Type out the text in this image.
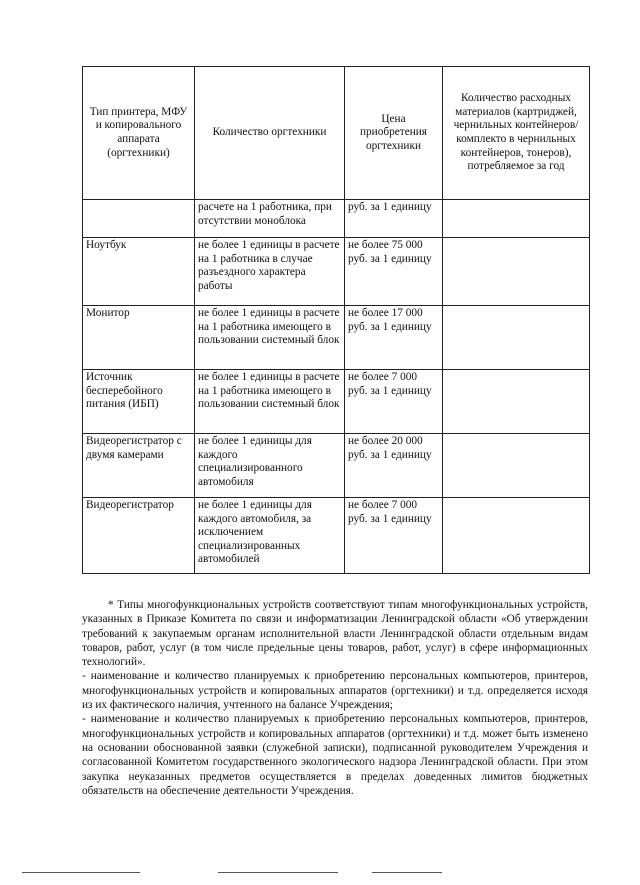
Тип принтера, МФУ и копировального аппарата (оргтехники)	Количество оргтехники	Цена приобретения оргтехники	Количество расходных материалов (картриджей, чернильных контейнеров/комплекто в чернильных контейнеров, тонеров), потребляемое за год
	расчете на 1 работника, при отсутствии моноблока	руб. за 1 единицу	
Ноутбук	не более 1 единицы в расчете на 1 работника в случае разъездного характера работы	не более 75 000 руб. за 1 единицу	
Монитор	не более 1 единицы в расчете на 1 работника имеющего в пользовании системный блок	не более 17 000 руб. за 1 единицу	
Источник бесперебойного питания (ИБП)	не более 1 единицы в расчете на 1 работника имеющего в пользовании системный блок	не более 7 000 руб. за 1 единицу	
Видеорегистратор с двумя камерами	не более 1 единицы для каждого специализированного автомобиля	не более 20 000 руб. за 1 единицу	
Видеорегистратор	не более 1 единицы для каждого автомобиля, за исключением специализированных автомобилей	не более 7 000 руб. за 1 единицу	

* Типы многофункциональных устройств соответствуют типам многофункциональных устройств, указанных в Приказе Комитета по связи и информатизации Ленинградской области «Об утверждении требований к закупаемым органам исполнительной власти Ленинградской области отдельным видам товаров, работ, услуг (в том числе предельные цены товаров, работ, услуг) в сфере информационных технологий».

- наименование и количество планируемых к приобретению персональных компьютеров, принтеров, многофункциональных устройств и копировальных аппаратов (оргтехники) и т.д. определяется исходя из их фактического наличия, учтенного на балансе Учреждения;

- наименование и количество планируемых к приобретению персональных компьютеров, принтеров, многофункциональных устройств и копировальных аппаратов (оргтехники) и т.д. может быть изменено на основании обоснованной заявки (служебной записки), подписанной руководителем Учреждения и согласованной Комитетом государственного экологического надзора Ленинградской области. При этом закупка неуказанных предметов осуществляется в пределах доведенных лимитов бюджетных обязательств на обеспечение деятельности Учреждения.
